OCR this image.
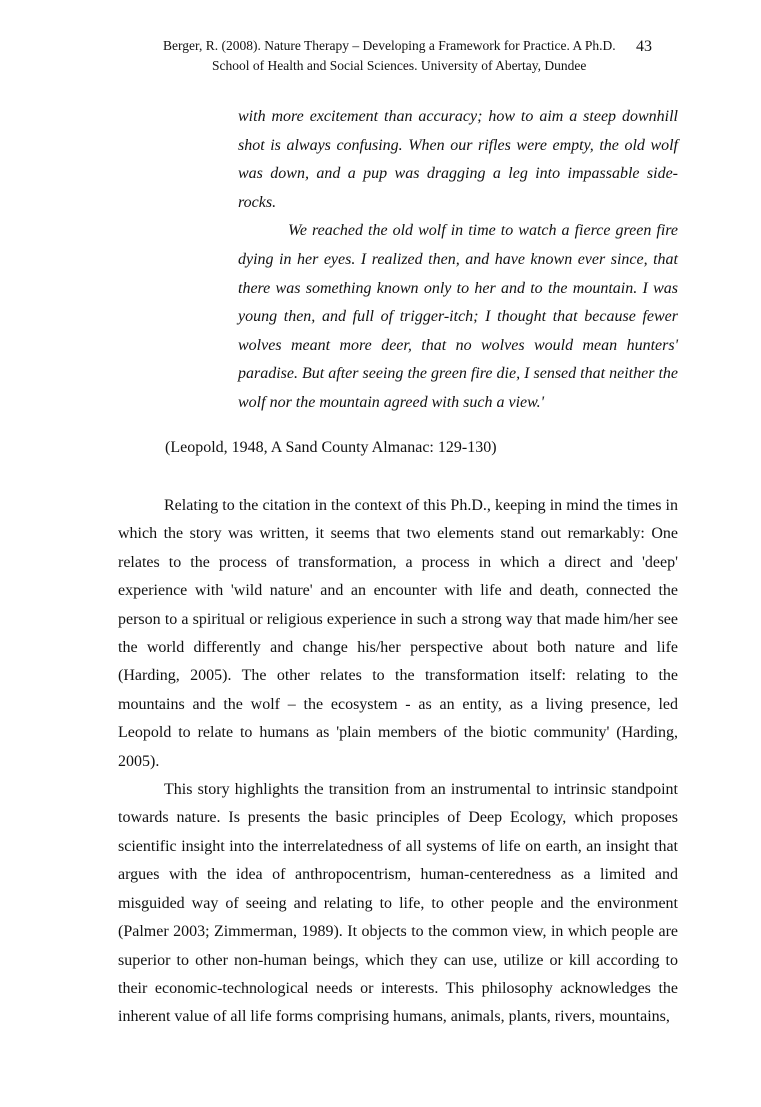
Berger, R. (2008). Nature Therapy – Developing a Framework for Practice. A Ph.D.
School of Health and Social Sciences. University of Abertay, Dundee
43

with more excitement than accuracy; how to aim a steep downhill shot is always confusing. When our rifles were empty, the old wolf was down, and a pup was dragging a leg into impassable side-rocks.

We reached the old wolf in time to watch a fierce green fire dying in her eyes. I realized then, and have known ever since, that there was something known only to her and to the mountain. I was young then, and full of trigger-itch; I thought that because fewer wolves meant more deer, that no wolves would mean hunters' paradise. But after seeing the green fire die, I sensed that neither the wolf nor the mountain agreed with such a view.'

(Leopold, 1948, A Sand County Almanac: 129-130)

Relating to the citation in the context of this Ph.D., keeping in mind the times in which the story was written, it seems that two elements stand out remarkably: One relates to the process of transformation, a process in which a direct and 'deep' experience with 'wild nature' and an encounter with life and death, connected the person to a spiritual or religious experience in such a strong way that made him/her see the world differently and change his/her perspective about both nature and life (Harding, 2005). The other relates to the transformation itself: relating to the mountains and the wolf – the ecosystem - as an entity, as a living presence, led Leopold to relate to humans as 'plain members of the biotic community' (Harding, 2005).

This story highlights the transition from an instrumental to intrinsic standpoint towards nature. Is presents the basic principles of Deep Ecology, which proposes scientific insight into the interrelatedness of all systems of life on earth, an insight that argues with the idea of anthropocentrism, human-centeredness as a limited and misguided way of seeing and relating to life, to other people and the environment (Palmer 2003; Zimmerman, 1989). It objects to the common view, in which people are superior to other non-human beings, which they can use, utilize or kill according to their economic-technological needs or interests. This philosophy acknowledges the inherent value of all life forms comprising humans, animals, plants, rivers, mountains,
